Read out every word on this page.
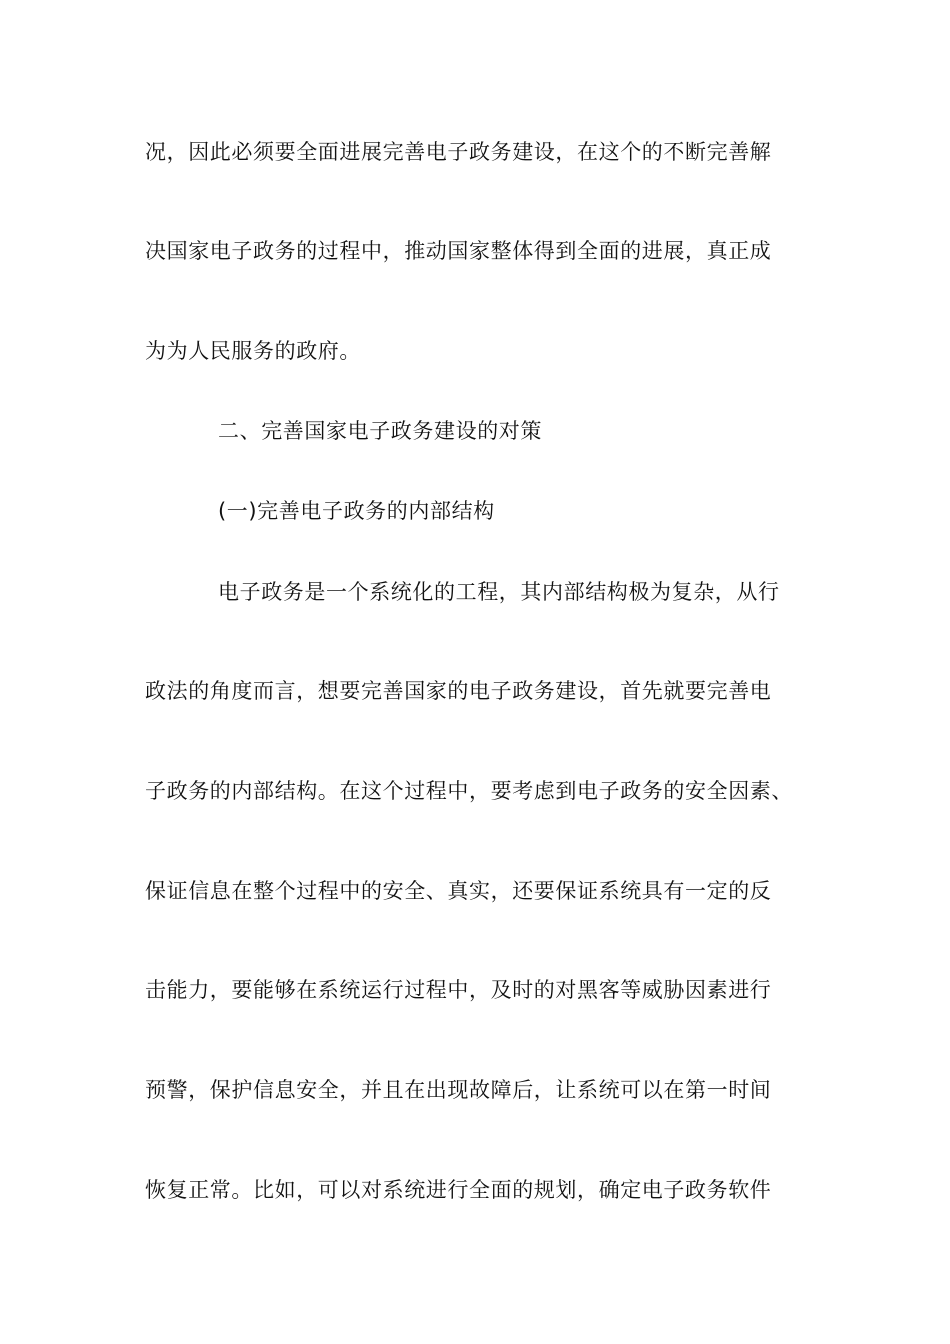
况，因此必须要全面进展完善电子政务建设，在这个的不断完善解
决国家电子政务的过程中，推动国家整体得到全面的进展，真正成
为为人民服务的政府。
二、完善国家电子政务建设的对策
(一)完善电子政务的内部结构
电子政务是一个系统化的工程，其内部结构极为复杂，从行
政法的角度而言，想要完善国家的电子政务建设，首先就要完善电
子政务的内部结构。在这个过程中，要考虑到电子政务的安全因素、
保证信息在整个过程中的安全、真实，还要保证系统具有一定的反
击能力，要能够在系统运行过程中，及时的对黑客等威胁因素进行
预警，保护信息安全，并且在出现故障后，让系统可以在第一时间
恢复正常。比如，可以对系统进行全面的规划，确定电子政务软件
